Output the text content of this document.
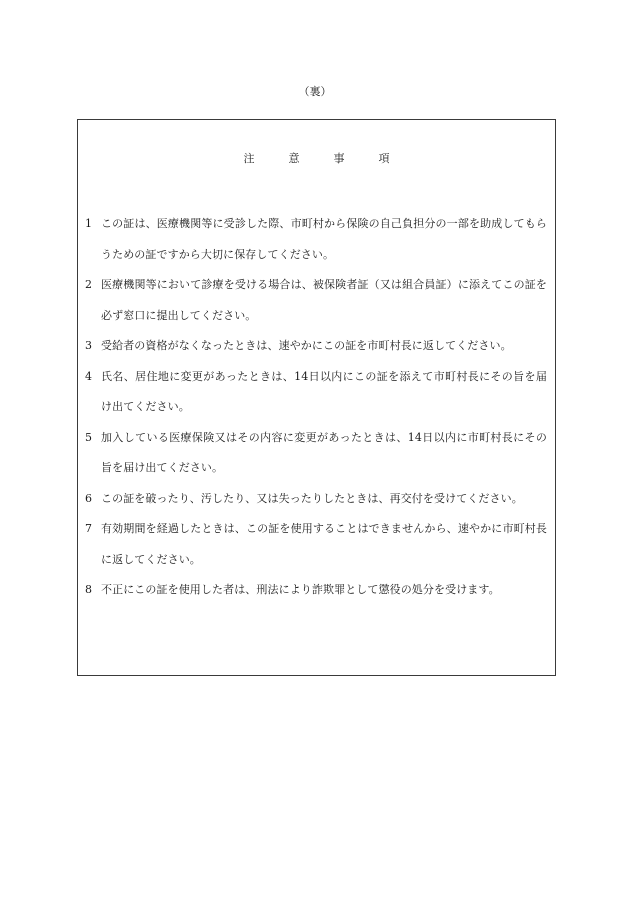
（裏）
注	意	事	項
1 この証は、医療機関等に受診した際、市町村から保険の自己負担分の一部を助成してもらうための証ですから大切に保存してください。
2 医療機関等において診療を受ける場合は、被保険者証（又は組合員証）に添えてこの証を必ず窓口に提出してください。
3 受給者の資格がなくなったときは、速やかにこの証を市町村長に返してください。
4 氏名、居住地に変更があったときは、14日以内にこの証を添えて市町村長にその旨を届け出てください。
5 加入している医療保険又はその内容に変更があったときは、14日以内に市町村長にその旨を届け出てください。
6 この証を破ったり、汚したり、又は失ったりしたときは、再交付を受けてください。
7 有効期間を経過したときは、この証を使用することはできませんから、速やかに市町村長に返してください。
8 不正にこの証を使用した者は、刑法により詐欺罪として懲役の処分を受けます。
